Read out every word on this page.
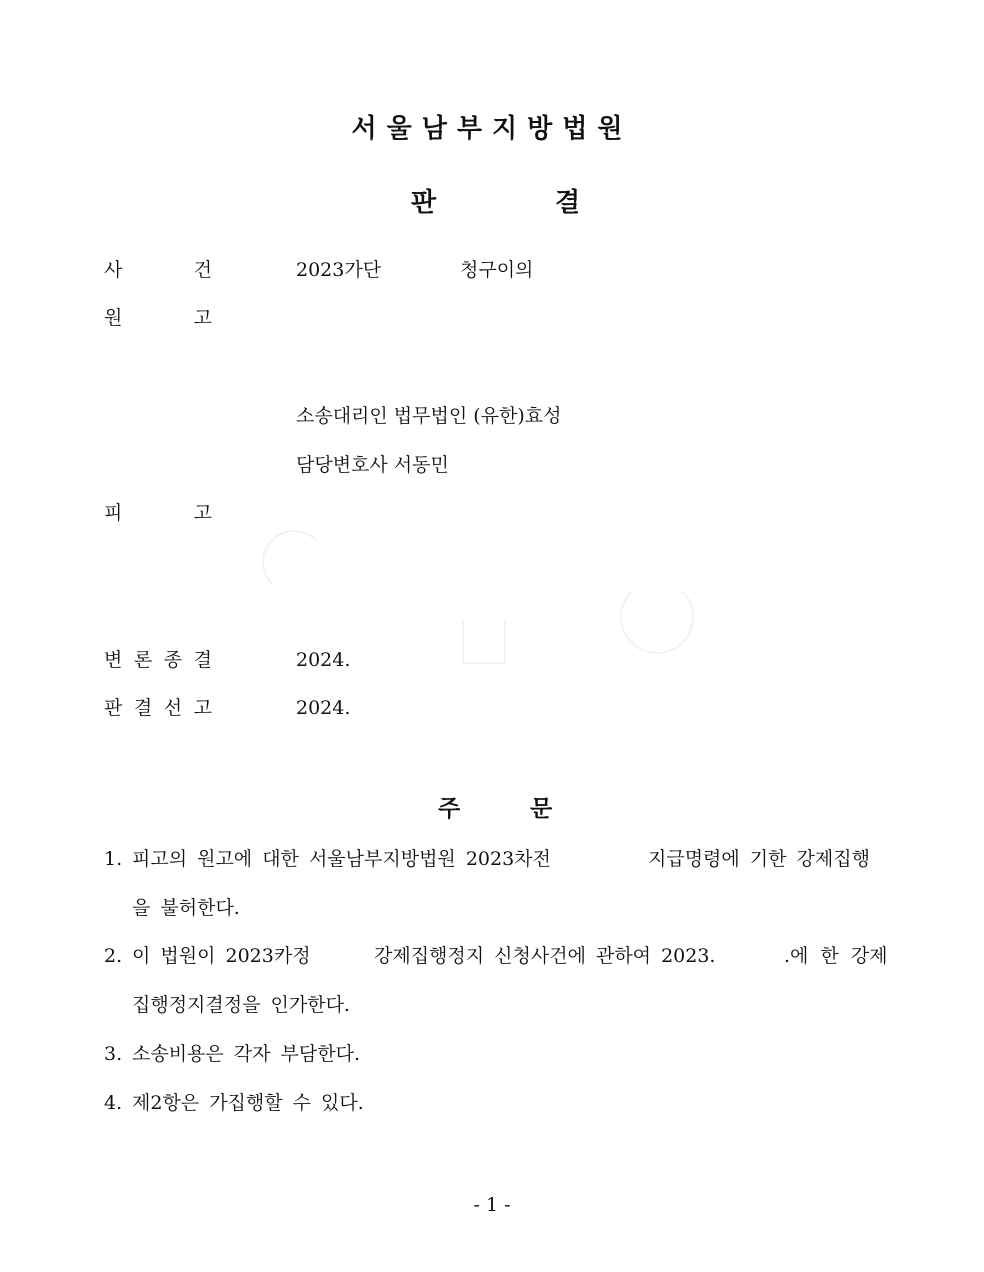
서울남부지방법원
판	결
사	건	2023가단	청구이의
원	고
소송대리인 법무법인 (유한)효성
담당변호사 서동민
피	고
변 론 종 결	2024.
판 결 선 고	2024.
주	문
1. 피고의 원고에 대한 서울남부지방법원 2023차전	지급명령에 기한 강제집행
을 불허한다.
2. 이 법원이 2023카정	강제집행정지 신청사건에 관하여 2023.	.에 한 강제
집행정지결정을 인가한다.
3. 소송비용은 각자 부담한다.
4. 제2항은 가집행할 수 있다.
- 1 -
